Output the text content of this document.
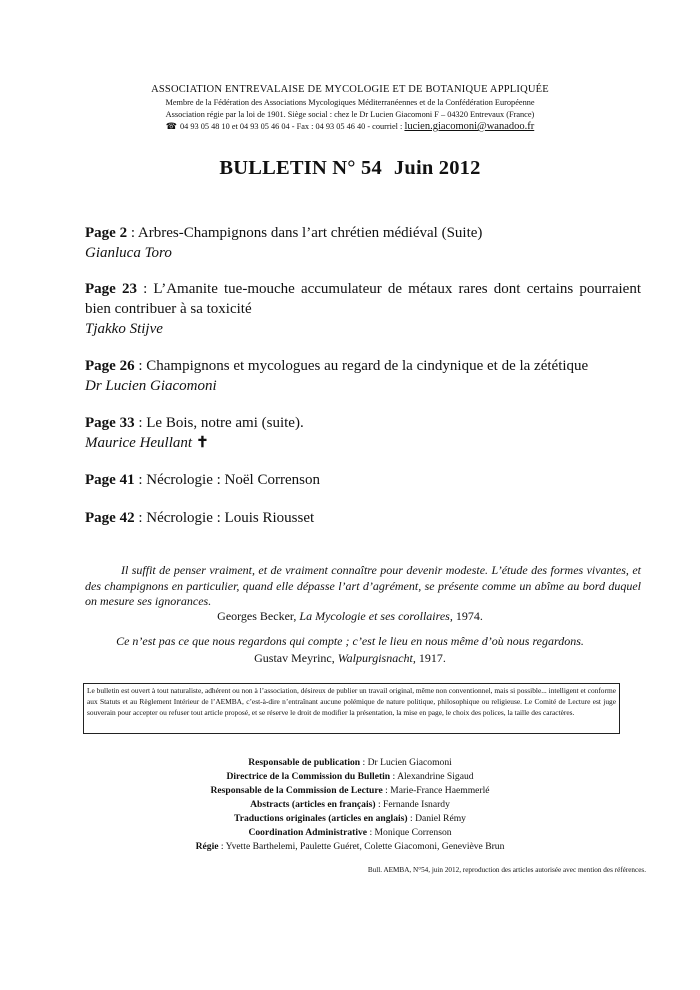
ASSOCIATION ENTREVALAISE DE MYCOLOGIE ET DE BOTANIQUE APPLIQUÉE
Membre de la Fédération des Associations Mycologiques Méditerranéennes et de la Confédération Européenne
Association régie par la loi de 1901. Siège social : chez le Dr Lucien Giacomoni F – 04320 Entrevaux (France)
☎ 04 93 05 48 10 et 04 93 05 46 04 - Fax : 04 93 05 46 40 - courriel : lucien.giacomoni@wanadoo.fr
BULLETIN N° 54 Juin 2012
Page 2 : Arbres-Champignons dans l’art chrétien médiéval (Suite)
Gianluca Toro
Page 23 : L’Amanite tue-mouche accumulateur de métaux rares dont certains pourraient bien contribuer à sa toxicité
Tjakko Stijve
Page 26 : Champignons et mycologues au regard de la cindynique et de la zététique
Dr Lucien Giacomoni
Page 33 : Le Bois, notre ami (suite).
Maurice Heullant ✝
Page 41 : Nécrologie : Noël Correnson
Page 42 : Nécrologie : Louis Riousset
Il suffit de penser vraiment, et de vraiment connaître pour devenir modeste. L’étude des formes vivantes, et des champignons en particulier, quand elle dépasse l’art d’agrément, se présente comme un abîme au bord duquel on mesure ses ignorances.
Georges Becker, La Mycologie et ses corollaires, 1974.
Ce n’est pas ce que nous regardons qui compte ; c’est le lieu en nous même d’où nous regardons.
Gustav Meyrinc, Walpurgisnacht, 1917.
Le bulletin est ouvert à tout naturaliste, adhérent ou non à l’association, désireux de publier un travail original, même non conventionnel, mais si possible... intelligent et conforme aux Statuts et au Règlement Intérieur de l’AEMBA, c’est-à-dire n’entraînant aucune polémique de nature politique, philosophique ou religieuse. Le Comité de Lecture est juge souverain pour accepter ou refuser tout article proposé, et se réserve le droit de modifier la présentation, la mise en page, le choix des polices, la taille des caractères.
Responsable de publication : Dr Lucien Giacomoni
Directrice de la Commission du Bulletin : Alexandrine Sigaud
Responsable de la Commission de Lecture : Marie-France Haemmerlé
Abstracts (articles en français) : Fernande Isnardy
Traductions originales (articles en anglais) : Daniel Rémy
Coordination Administrative : Monique Correnson
Régie : Yvette Barthelemi, Paulette Guéret, Colette Giacomoni, Geneviève Brun
Bull. AEMBA, N°54, juin 2012, reproduction des articles autorisée avec mention des références.
